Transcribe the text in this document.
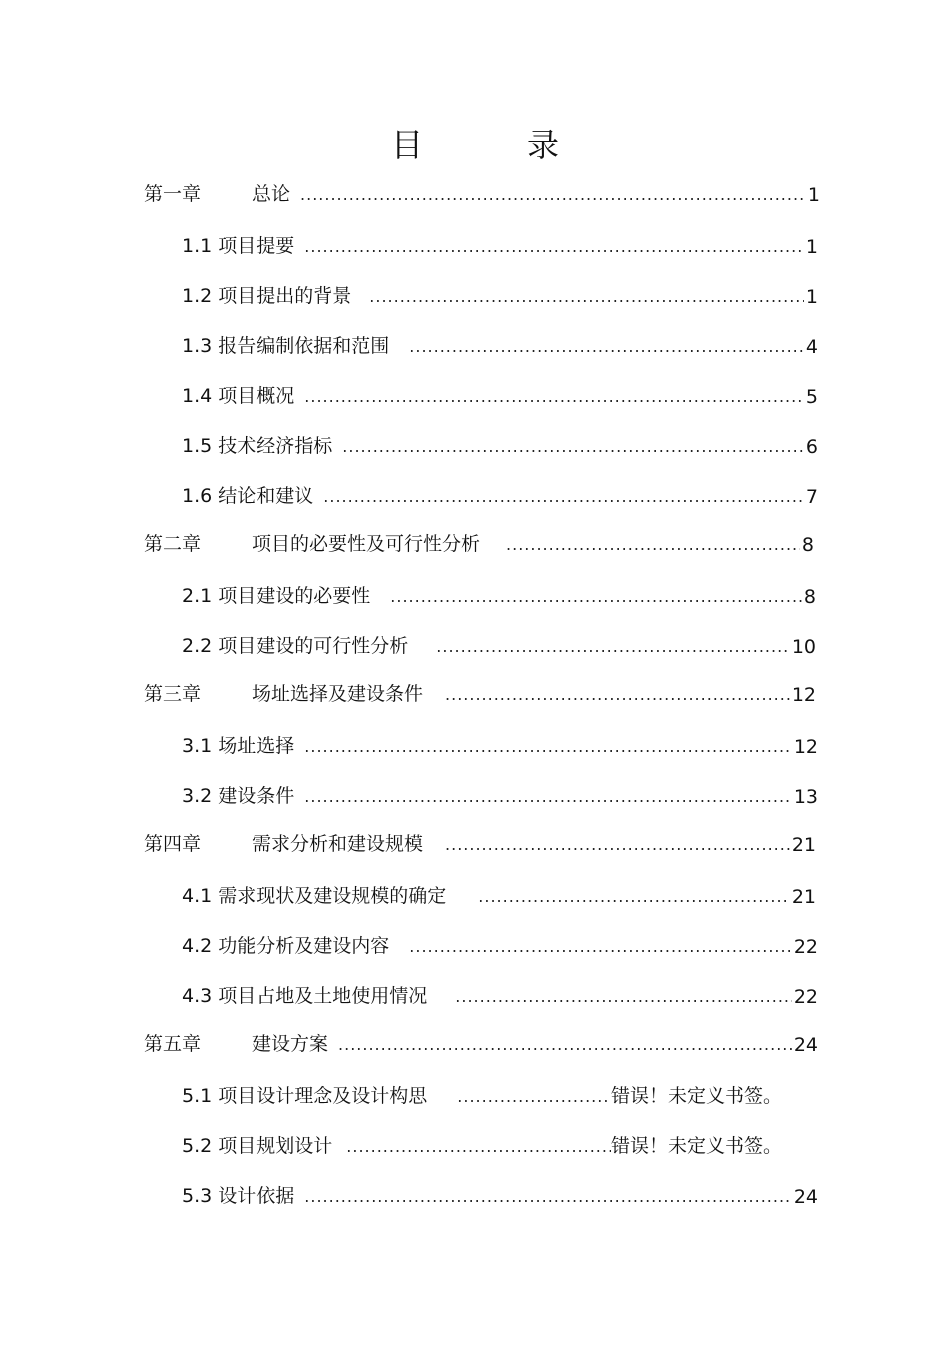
目　录
第一章	总论 .....	1
1.1 项目提要 .....	1
1.2 项目提出的背景 .....	1
1.3 报告编制依据和范围 .....	4
1.4 项目概况 .....	5
1.5 技术经济指标 .....	6
1.6 结论和建议 .....	7
第二章	项目的必要性及可行性分析 .....	8
2.1 项目建设的必要性 .....	8
2.2 项目建设的可行性分析 .....	10
第三章	场址选择及建设条件 .....	12
3.1 场址选择 .....	12
3.2 建设条件 .....	13
第四章	需求分析和建设规模 .....	21
4.1 需求现状及建设规模的确定 .....	21
4.2 功能分析及建设内容 .....	22
4.3 项目占地及土地使用情况 .....	22
第五章	建设方案 .....	24
5.1 项目设计理念及设计构思 .....	错误！未定义书签。
5.2 项目规划设计 .....	错误！未定义书签。
5.3 设计依据 .....	24
